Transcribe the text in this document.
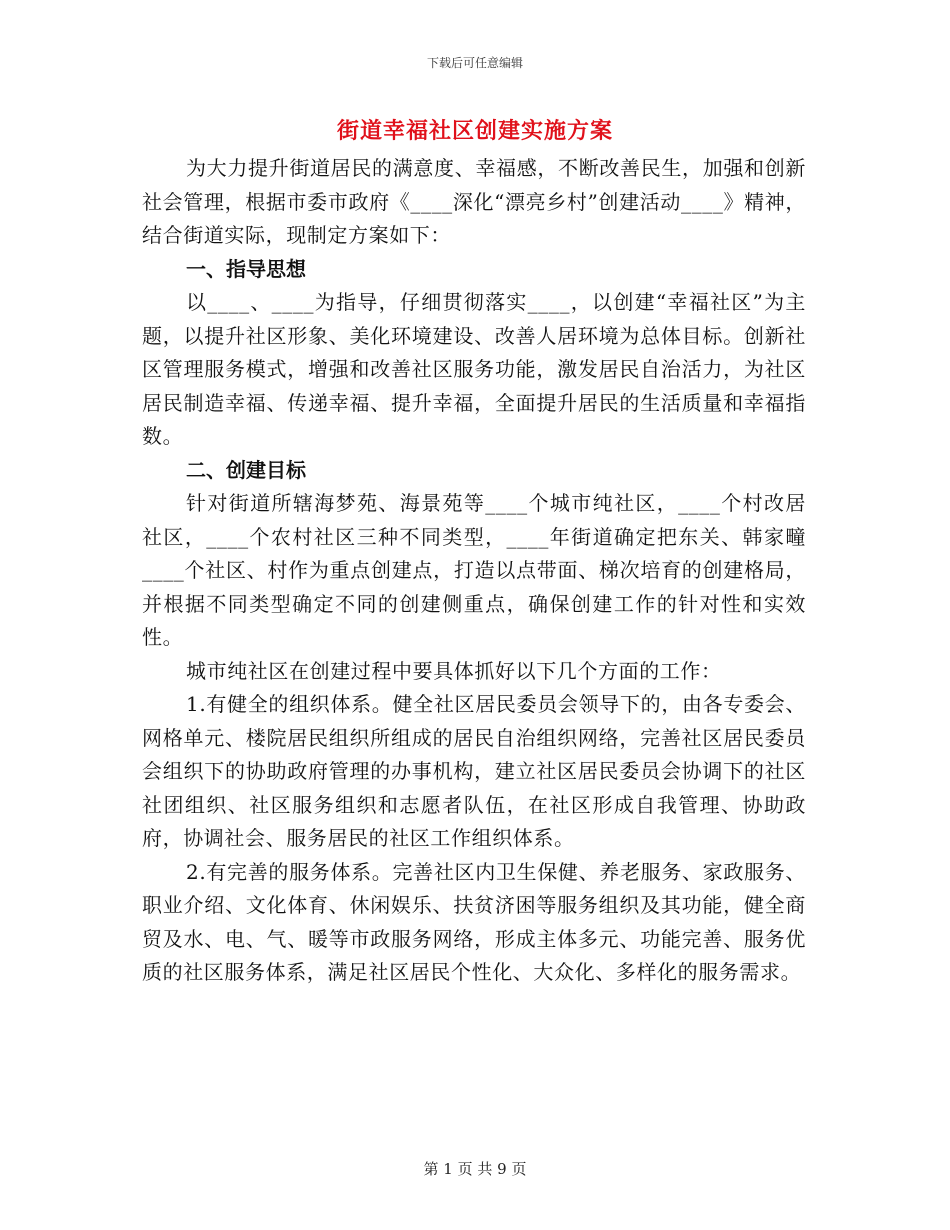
下载后可任意编辑
街道幸福社区创建实施方案

为大力提升街道居民的满意度、幸福感，不断改善民生，加强和创新社会管理，根据市委市政府《____深化“漂亮乡村”创建活动____》精神，结合街道实际，现制定方案如下：

一、指导思想

以____、____为指导，仔细贯彻落实____，以创建“幸福社区”为主题，以提升社区形象、美化环境建设、改善人居环境为总体目标。创新社区管理服务模式，增强和改善社区服务功能，激发居民自治活力，为社区居民制造幸福、传递幸福、提升幸福，全面提升居民的生活质量和幸福指数。

二、创建目标

针对街道所辖海梦苑、海景苑等____个城市纯社区，____个村改居社区，____个农村社区三种不同类型，____年街道确定把东关、韩家疃____个社区、村作为重点创建点，打造以点带面、梯次培育的创建格局，并根据不同类型确定不同的创建侧重点，确保创建工作的针对性和实效性。

城市纯社区在创建过程中要具体抓好以下几个方面的工作：

1.有健全的组织体系。健全社区居民委员会领导下的，由各专委会、网格单元、楼院居民组织所组成的居民自治组织网络，完善社区居民委员会组织下的协助政府管理的办事机构，建立社区居民委员会协调下的社区社团组织、社区服务组织和志愿者队伍，在社区形成自我管理、协助政府，协调社会、服务居民的社区工作组织体系。

2.有完善的服务体系。完善社区内卫生保健、养老服务、家政服务、职业介绍、文化体育、休闲娱乐、扶贫济困等服务组织及其功能，健全商贸及水、电、气、暖等市政服务网络，形成主体多元、功能完善、服务优质的社区服务体系，满足社区居民个性化、大众化、多样化的服务需求。

第 1 页 共 9 页
